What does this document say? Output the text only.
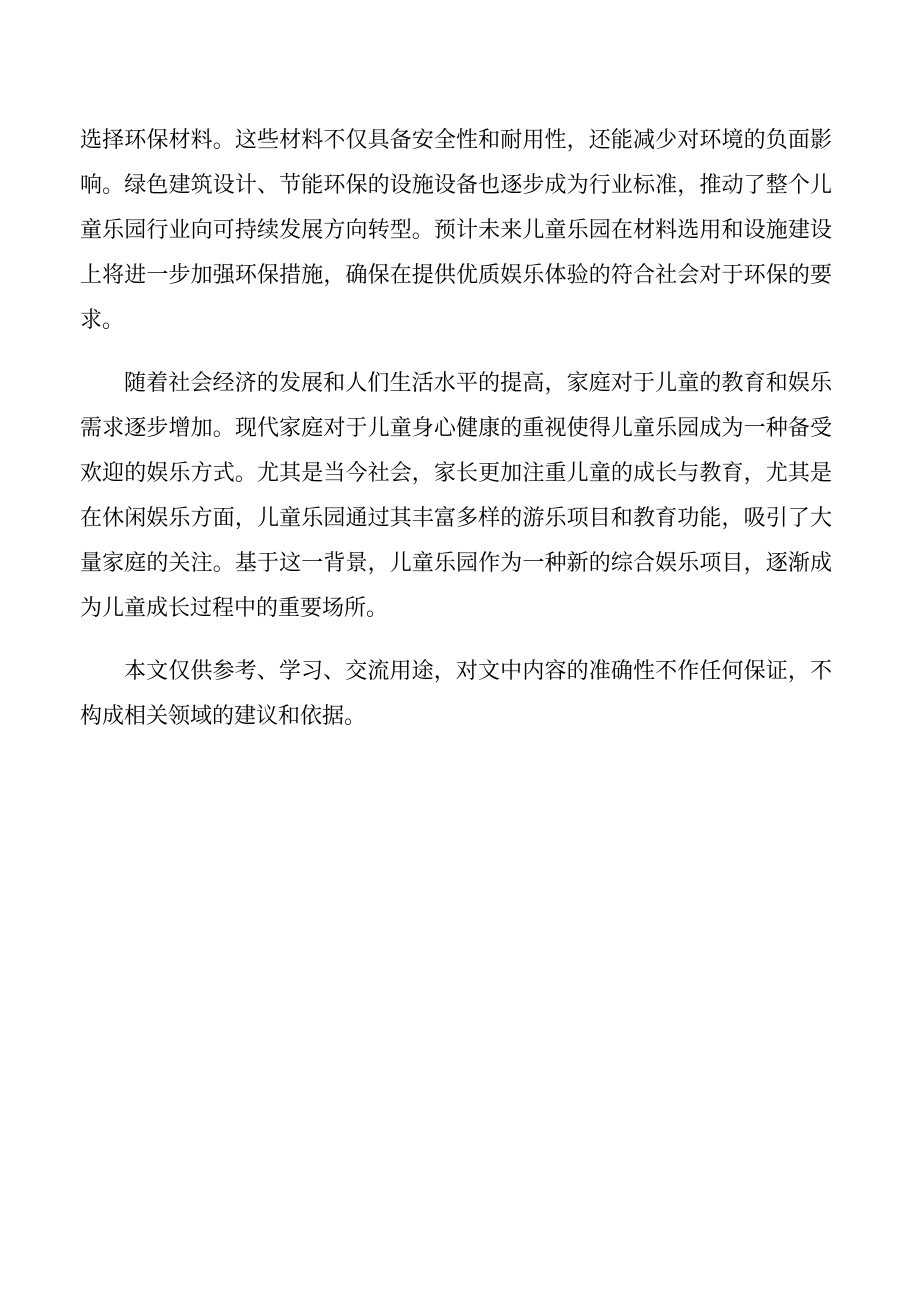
选择环保材料。这些材料不仅具备安全性和耐用性，还能减少对环境的负面影响。绿色建筑设计、节能环保的设施设备也逐步成为行业标准，推动了整个儿童乐园行业向可持续发展方向转型。预计未来儿童乐园在材料选用和设施建设上将进一步加强环保措施，确保在提供优质娱乐体验的符合社会对于环保的要求。

随着社会经济的发展和人们生活水平的提高，家庭对于儿童的教育和娱乐需求逐步增加。现代家庭对于儿童身心健康的重视使得儿童乐园成为一种备受欢迎的娱乐方式。尤其是当今社会，家长更加注重儿童的成长与教育，尤其是在休闲娱乐方面，儿童乐园通过其丰富多样的游乐项目和教育功能，吸引了大量家庭的关注。基于这一背景，儿童乐园作为一种新的综合娱乐项目，逐渐成为儿童成长过程中的重要场所。

本文仅供参考、学习、交流用途，对文中内容的准确性不作任何保证，不构成相关领域的建议和依据。
